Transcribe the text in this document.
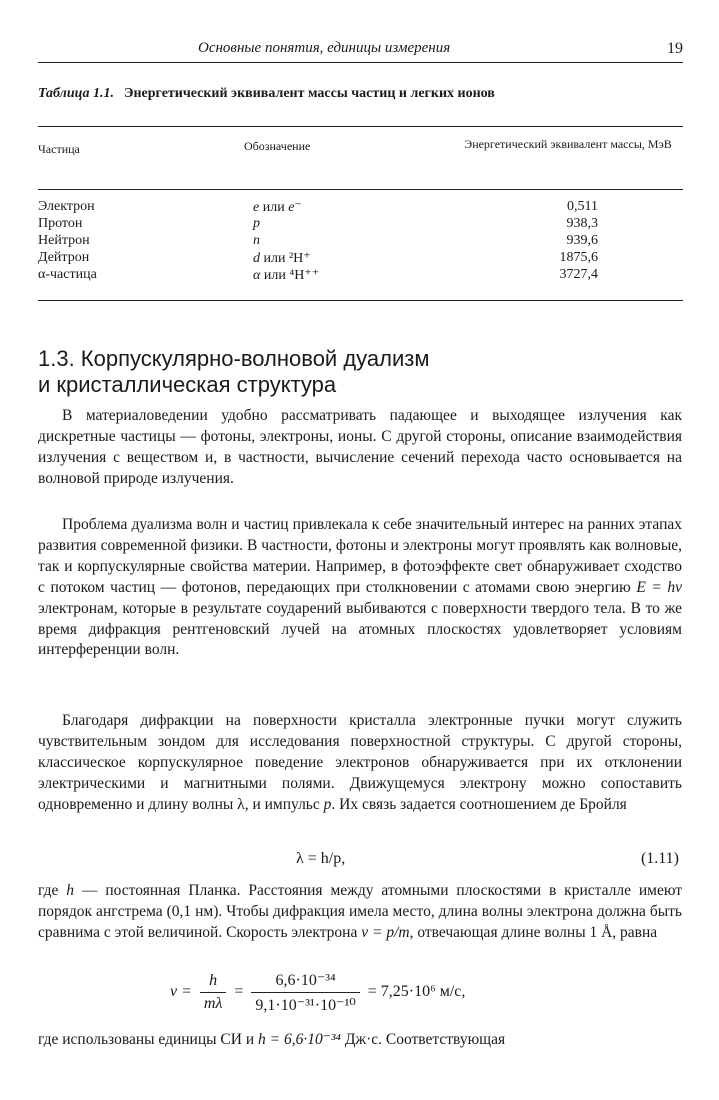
Основные понятия, единицы измерения	19
Таблица 1.1. Энергетический эквивалент массы частиц и легких ионов
Частица	Обозначение	Энергетический эквивалент массы, МэВ
Электрон	e или e⁻	0,511
Протон	p	938,3
Нейтрон	n	939,6
Дейтрон	d или ²H⁺	1875,6
α-частица	α или ⁴H⁺⁺	3727,4
1.3. Корпускулярно-волновой дуализм
и кристаллическая структура
В материаловедении удобно рассматривать падающее и выходящее излучения как дискретные частицы — фотоны, электроны, ионы. С другой стороны, описание взаимодействия излучения с веществом и, в частности, вычисление сечений перехода часто основывается на волновой природе излучения.
Проблема дуализма волн и частиц привлекала к себе значительный интерес на ранних этапах развития современной физики. В частности, фотоны и электроны могут проявлять как волновые, так и корпускулярные свойства материи. Например, в фотоэффекте свет обнаруживает сходство с потоком частиц — фотонов, передающих при столкновении с атомами свою энергию E = hν электронам, которые в результате соударений выбиваются с поверхности твердого тела. В то же время дифракция рентгеновский лучей на атомных плоскостях удовлетворяет условиям интерференции волн.
Благодаря дифракции на поверхности кристалла электронные пучки могут служить чувствительным зондом для исследования поверхностной структуры. С другой стороны, классическое корпускулярное поведение электронов обнаруживается при их отклонении электрическими и магнитными полями. Движущемуся электрону можно сопоставить одновременно и длину волны λ, и импульс p. Их связь задается соотношением де Бройля
λ = h/p,	(1.11)
где h — постоянная Планка. Расстояния между атомными плоскостями в кристалле имеют порядок ангстрема (0,1 нм). Чтобы дифракция имела место, длина волны электрона должна быть сравнима с этой величиной. Скорость электрона v = p/m, отвечающая длине волны 1 Å, равна
$v = \frac{h}{m\lambda} = \frac{\text{6,6·10⁻³⁴}}{\text{9,1·10⁻³¹·10⁻¹⁰}} = 7,25\cdot 10^6$ м/с,
где использованы единицы СИ и h = 6,6·10⁻³⁴ Дж·с. Соответствующая
